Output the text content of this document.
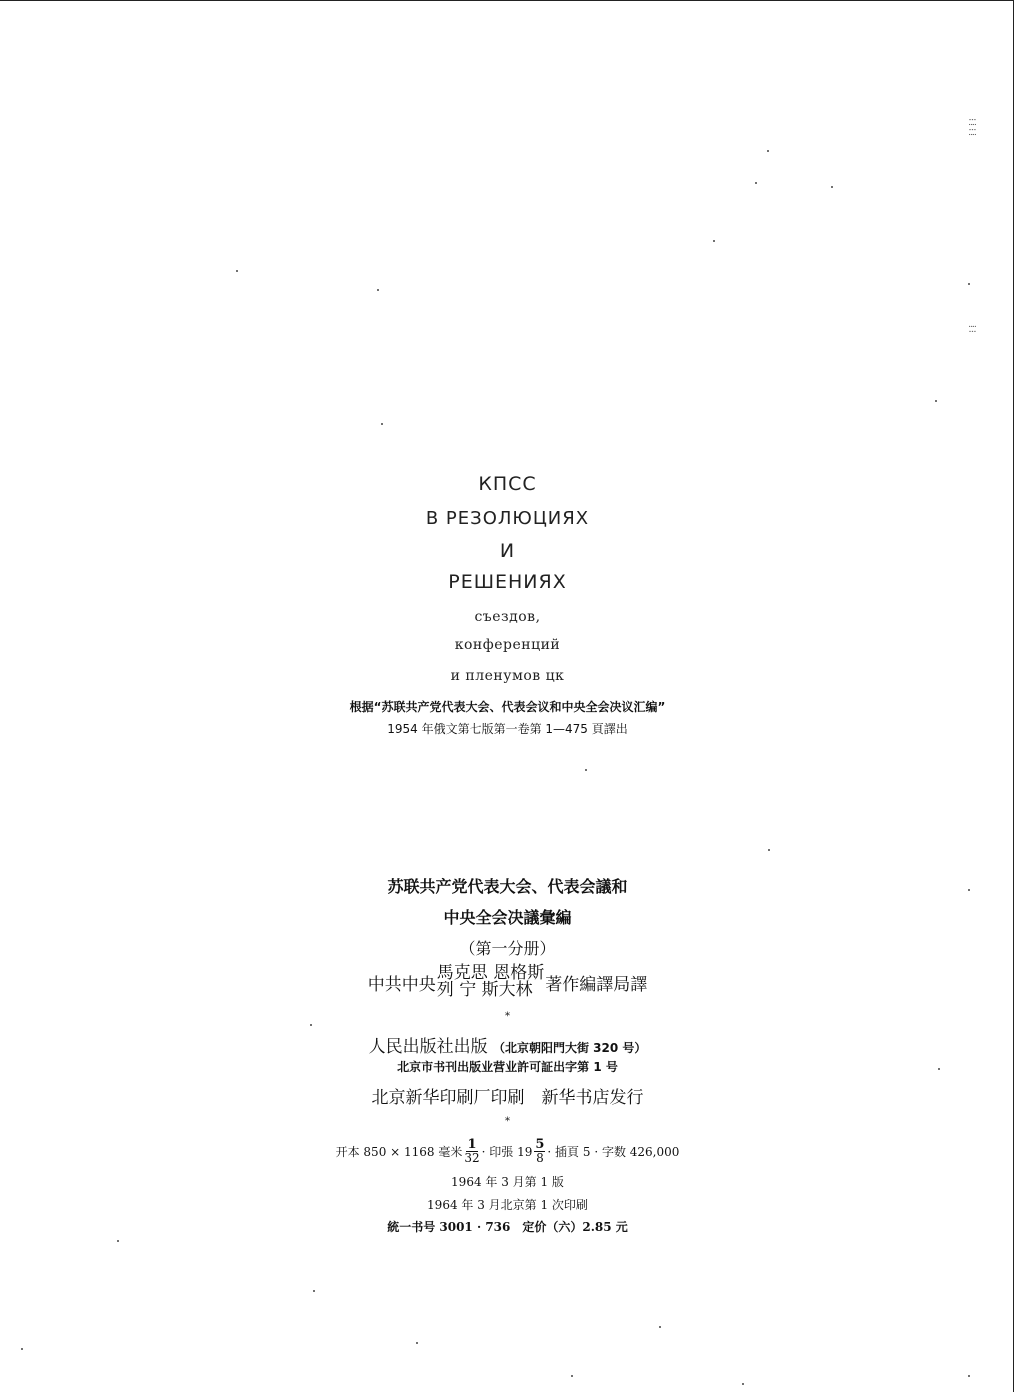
⁝⁞⁝⁞
⁞⁝
КПСС
В РЕЗОЛЮЦИЯХ
И
РЕШЕНИЯХ
съездов,
конференций
и пленумов цк
根据“苏联共产党代表大会、代表会议和中央全会决议汇编”
1954 年俄文第七版第一卷第 1—475 頁譯出
苏联共产党代表大会、代表会議和
中央全会决議彙編
（第一分册）
中共中央
馬克思 恩格斯
列 宁 斯大林 著作編譯局譯
*
人民出版社出版 （北京朝阳門大街 320 号）
北京市书刊出版业营业許可証出字第 1 号
北京新华印刷厂印刷　新华书店发行
*
开本 850 × 1168 毫米 $\frac{1}{32}$ · 印張 $19 \frac{5}{8}$ · 插頁 5 · 字数 426,000
1964 年 3 月第 1 版
1964 年 3 月北京第 1 次印刷
統一书号 3001 · 736　定价（六）2.85 元
